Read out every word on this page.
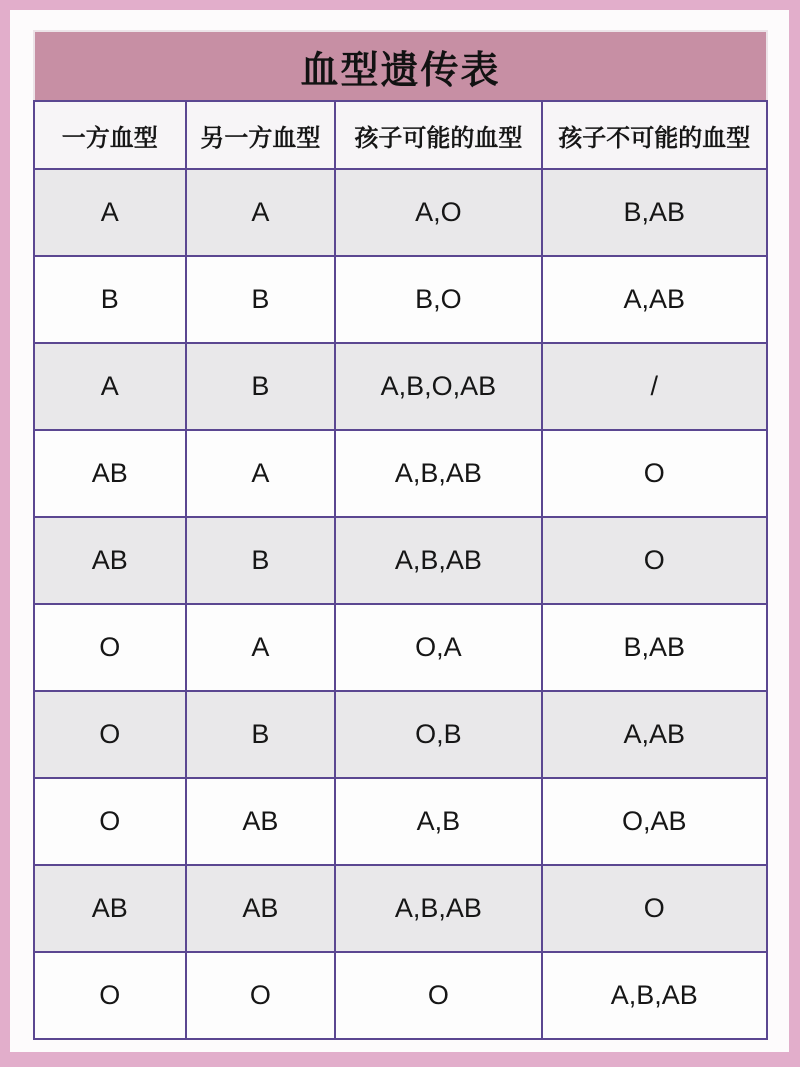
血型遗传表
一方血型	另一方血型	孩子可能的血型	孩子不可能的血型
A	A	A,O	B,AB
B	B	B,O	A,AB
A	B	A,B,O,AB	/
AB	A	A,B,AB	O
AB	B	A,B,AB	O
O	A	O,A	B,AB
O	B	O,B	A,AB
O	AB	A,B	O,AB
AB	AB	A,B,AB	O
O	O	O	A,B,AB
